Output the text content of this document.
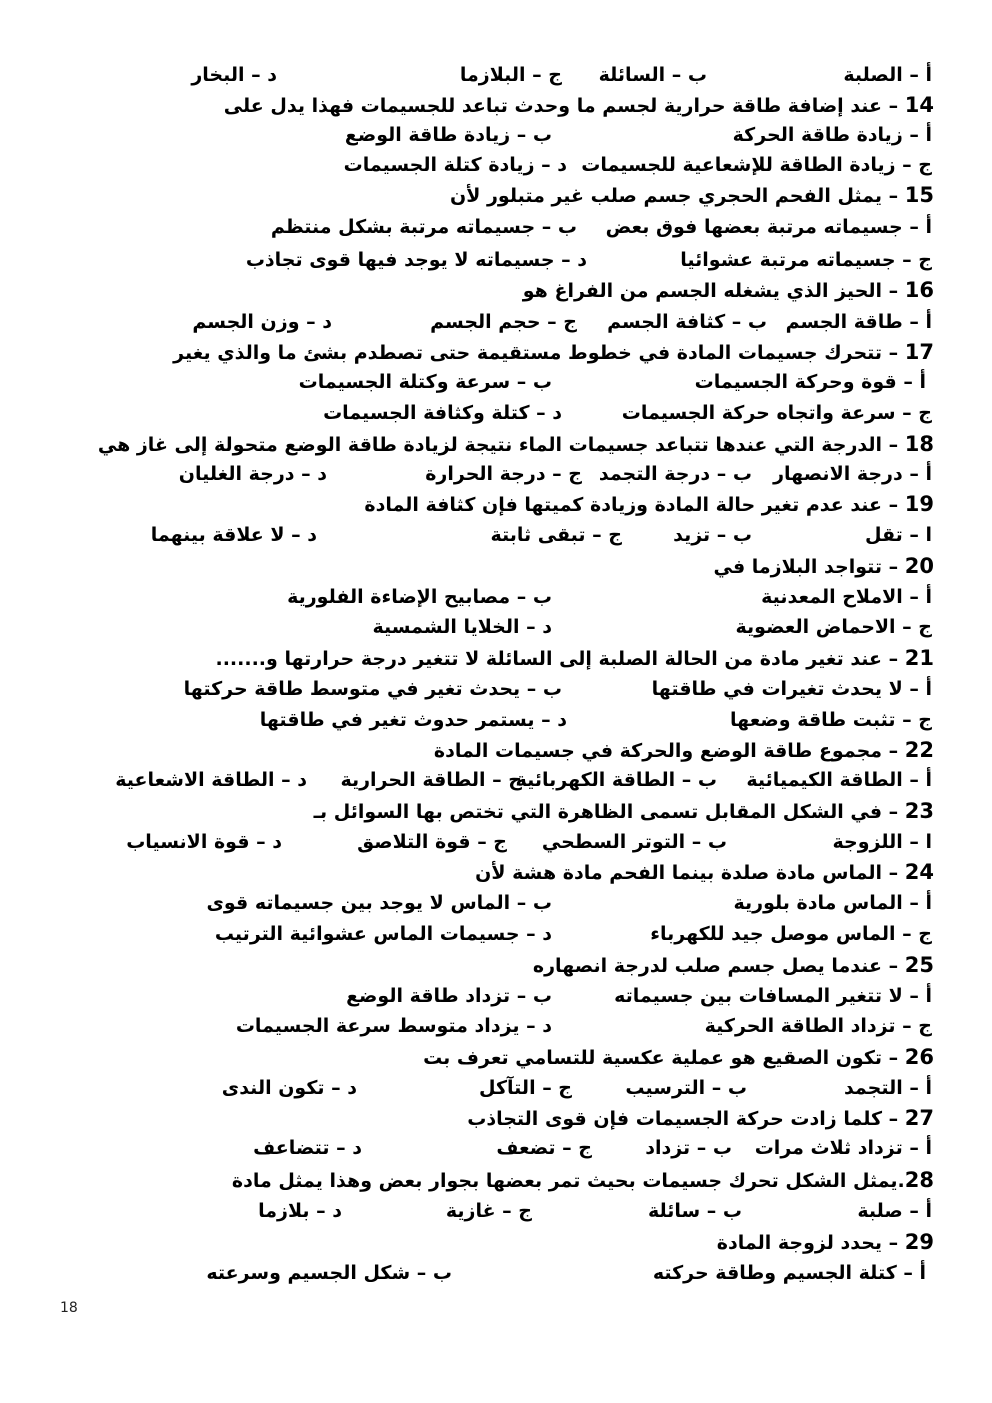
أ – الصلبة
ب – السائلة
ج – البلازما
د – البخار
14 – عند إضافة طاقة حرارية لجسم ما وحدث تباعد للجسيمات فهذا يدل على
أ – زيادة طاقة الحركة
ب – زيادة طاقة الوضع
ج – زيادة الطاقة للإشعاعية للجسيمات
د – زيادة كتلة الجسيمات
15 – يمثل الفحم الحجري جسم صلب غير متبلور لأن
أ – جسيماته مرتبة بعضها فوق بعض
ب – جسيماته مرتبة بشكل منتظم
ج – جسيماته مرتبة عشوائيا
د – جسيماته لا يوجد فيها قوى تجاذب
16 – الحيز الذي يشغله الجسم من الفراغ هو
أ – طاقة الجسم
ب – كثافة الجسم
ج – حجم الجسم
د – وزن الجسم
17 – تتحرك جسيمات المادة في خطوط مستقيمة حتى تصطدم بشئ ما والذي يغير
أ – قوة وحركة الجسيمات
ب – سرعة وكتلة الجسيمات
ج – سرعة واتجاه حركة الجسيمات
د – كتلة وكثافة الجسيمات
18 – الدرجة التي عندها تتباعد جسيمات الماء نتيجة لزيادة طاقة الوضع متحولة إلى غاز هي
أ – درجة الانصهار
ب – درجة التجمد
ج – درجة الحرارة
د – درجة الغليان
19 – عند عدم تغير حالة المادة وزيادة كميتها فإن كثافة المادة
ا – تقل
ب – تزيد
ج – تبقى ثابتة
د – لا علاقة بينهما
20 – تتواجد البلازما في
أ – الاملاح المعدنية
ب – مصابيح الإضاءة الفلورية
ج – الاحماض العضوية
د – الخلايا الشمسية
21 – عند تغير مادة من الحالة الصلبة إلى السائلة لا تتغير درجة حرارتها و.......
أ – لا يحدث تغيرات في طاقتها
ب – يحدث تغير في متوسط طاقة حركتها
ج – تثبت طاقة وضعها
د – يستمر حدوث تغير في طاقتها
22 – مجموع طاقة الوضع والحركة في جسيمات المادة
أ – الطاقة الكيميائية
ب – الطاقة الكهربائية
ج – الطاقة الحرارية
د – الطاقة الاشعاعية
23 – في الشكل المقابل تسمى الظاهرة التي تختص بها السوائل بـ
ا – اللزوجة
ب – التوتر السطحي
ج – قوة التلاصق
د – قوة الانسياب
24 – الماس مادة صلدة بينما الفحم مادة هشة لأن
أ – الماس مادة بلورية
ب – الماس لا يوجد بين جسيماته قوى
ج – الماس موصل جيد للكهرباء
د – جسيمات الماس عشوائية الترتيب
25 – عندما يصل جسم صلب لدرجة انصهاره
أ – لا تتغير المسافات بين جسيماته
ب – تزداد طاقة الوضع
ج – تزداد الطاقة الحركية
د – يزداد متوسط سرعة الجسيمات
26 – تكون الصقيع هو عملية عكسية للتسامي تعرف بت
أ – التجمد
ب – الترسيب
ج – التآكل
د – تكون الندى
27 – كلما زادت حركة الجسيمات فإن قوى التجاذب
أ – تزداد ثلاث مرات
ب – تزداد
ج – تضعف
د – تتضاعف
28.يمثل الشكل تحرك جسيمات بحيث تمر بعضها بجوار بعض وهذا يمثل مادة
أ – صلبة
ب – سائلة
ج – غازية
د – بلازما
29 – يحدد لزوجة المادة
أ – كتلة الجسيم وطاقة حركته
ب – شكل الجسيم وسرعته
18
